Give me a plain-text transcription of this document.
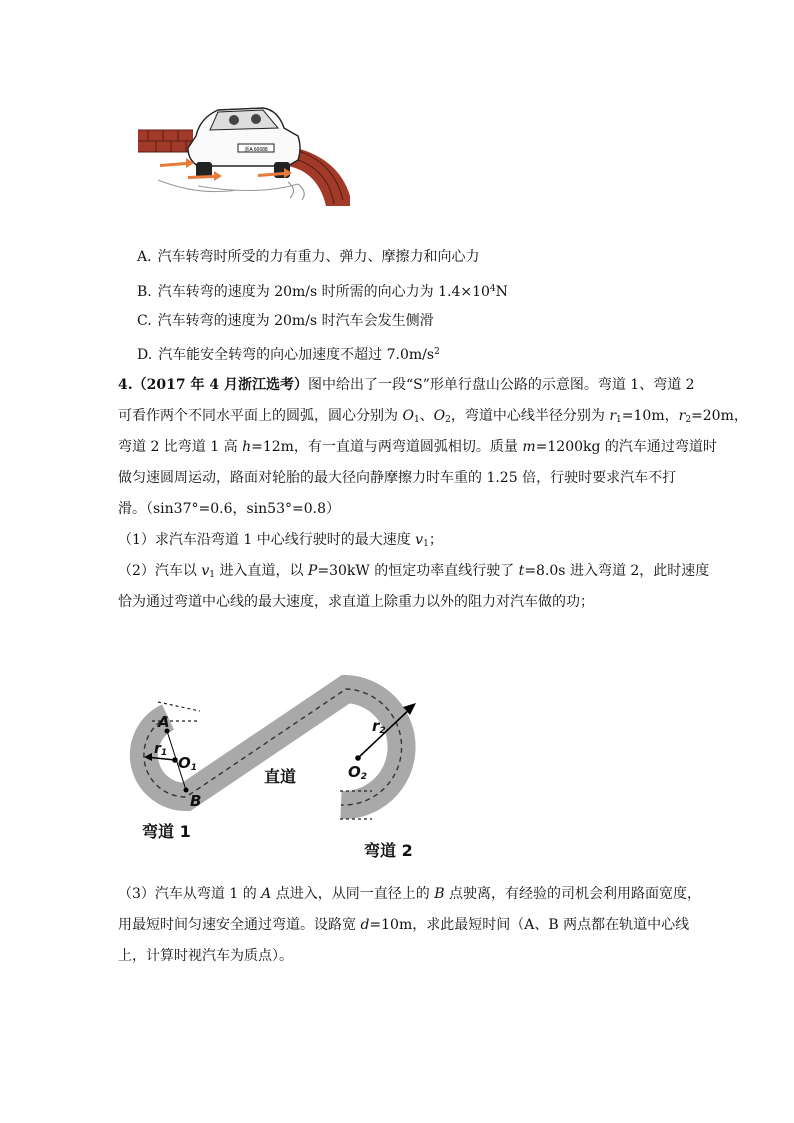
浙A 66688
A. 汽车转弯时所受的力有重力、弹力、摩擦力和向心力
B. 汽车转弯的速度为 20m/s 时所需的向心力为 $1.4\times 10^4N$
C. 汽车转弯的速度为 20m/s 时汽车会发生侧滑
D. 汽车能安全转弯的向心加速度不超过 $7.0m/s^2$
4.（2017 年 4 月浙江选考）图中给出了一段“S”形单行盘山公路的示意图。弯道 1、弯道 2
可看作两个不同水平面上的圆弧，圆心分别为 $O_1$、$O_2$，弯道中心线半径分别为 $r_1=10m$，$r_2=20m$，
弯道 2 比弯道 1 高 h=12m，有一直道与两弯道圆弧相切。质量 m=1200kg 的汽车通过弯道时
做匀速圆周运动，路面对轮胎的最大径向静摩擦力时车重的 1.25 倍，行驶时要求汽车不打
滑。（sin37°=0.6，sin53°=0.8）
（1）求汽车沿弯道 1 中心线行驶时的最大速度 $v_1$；
（2）汽车以 $v_1$ 进入直道，以 P=30kW 的恒定功率直线行驶了 t=8.0s 进入弯道 2，此时速度
恰为通过弯道中心线的最大速度，求直道上除重力以外的阻力对汽车做的功；
A
B
$r_1$
$O_1$	直道
$r_2$
$O_2$
弯道 1
弯道 2
（3）汽车从弯道 1 的 A 点进入，从同一直径上的 B 点驶离，有经验的司机会利用路面宽度，
用最短时间匀速安全通过弯道。设路宽 d=10m，求此最短时间（A、B 两点都在轨道中心线
上，计算时视汽车为质点）。
